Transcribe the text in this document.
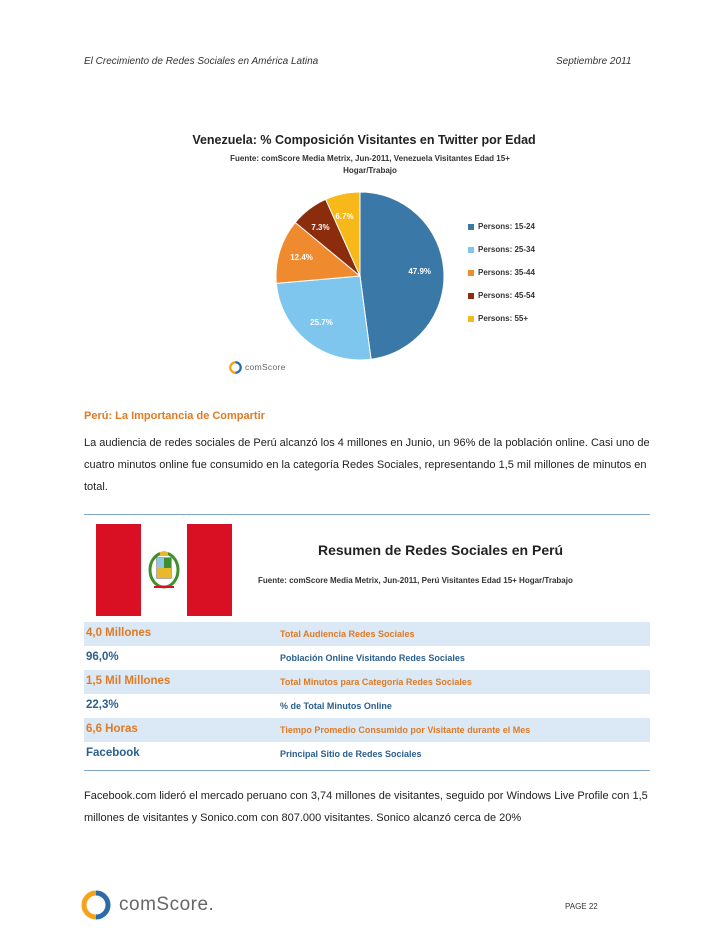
El Crecimiento de Redes Sociales en América Latina	Septiembre 2011
Venezuela: % Composición Visitantes en Twitter por Edad
Fuente: comScore Media Metrix, Jun-2011, Venezuela Visitantes Edad 15+
Hogar/Trabajo
47.9%
25.7%
12.4%
7.3%
6.7%
Persons: 15-24
Persons: 25-34
Persons: 35-44
Persons: 45-54
Persons: 55+
comScore
Perú: La Importancia de Compartir
La audiencia de redes sociales de Perú alcanzó los 4 millones en Junio, un 96% de la población online. Casi uno de cuatro minutos online fue consumido en la categoría Redes Sociales, representando 1,5 mil millones de minutos en total.
Resumen de Redes Sociales en Perú
Fuente: comScore Media Metrix, Jun-2011, Perú Visitantes Edad 15+ Hogar/Trabajo
4,0 Millones	Total Audiencia Redes Sociales
96,0%	Población Online Visitando Redes Sociales
1,5 Mil Millones	Total Minutos para Categoría Redes Sociales
22,3%	% de Total Minutos Online
6,6 Horas	Tiempo Promedio Consumido por Visitante durante el Mes
Facebook	Principal Sitio de Redes Sociales
Facebook.com lideró el mercado peruano con 3,74 millones de visitantes, seguido por Windows Live Profile con 1,5 millones de visitantes y Sonico.com con 807.000 visitantes. Sonico alcanzó cerca de 20%
comScore.	PAGE 22
